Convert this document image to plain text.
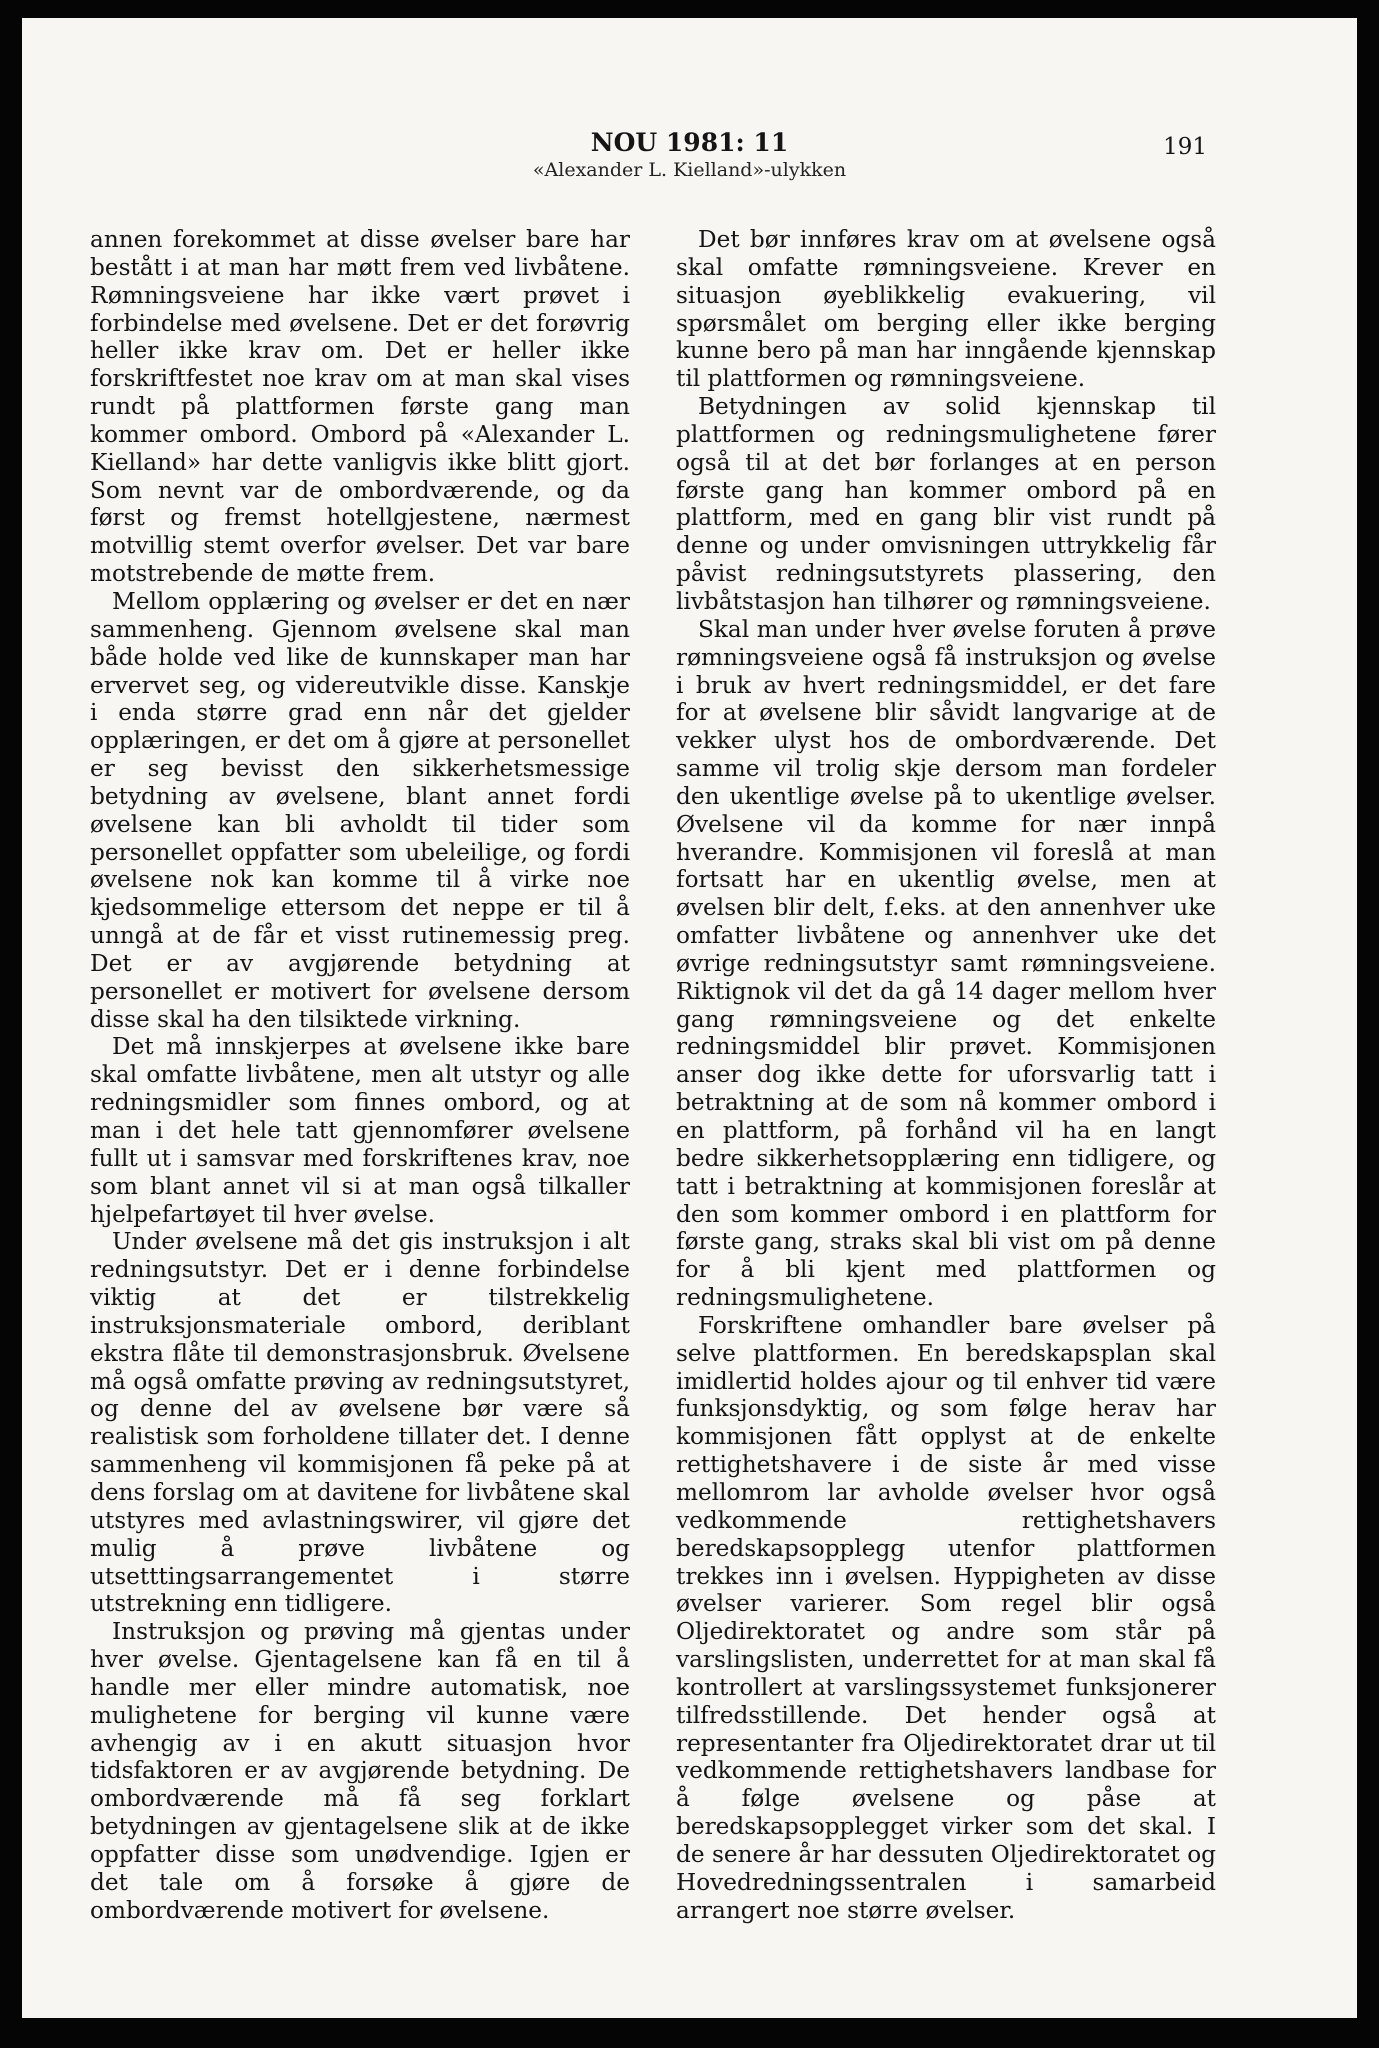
NOU 1981: 11
«Alexander L. Kielland»-ulykken
191

annen forekommet at disse øvelser bare har bestått i at man har møtt frem ved livbåtene. Rømningsveiene har ikke vært prøvet i forbindelse med øvelsene. Det er det forøvrig heller ikke krav om. Det er heller ikke forskriftfestet noe krav om at man skal vises rundt på plattformen første gang man kommer ombord. Ombord på «Alexander L. Kielland» har dette vanligvis ikke blitt gjort. Som nevnt var de ombordværende, og da først og fremst hotellgjestene, nærmest motvillig stemt overfor øvelser. Det var bare motstrebende de møtte frem.

Mellom opplæring og øvelser er det en nær sammenheng. Gjennom øvelsene skal man både holde ved like de kunnskaper man har ervervet seg, og videreutvikle disse. Kanskje i enda større grad enn når det gjelder opplæringen, er det om å gjøre at personellet er seg bevisst den sikkerhetsmessige betydning av øvelsene, blant annet fordi øvelsene kan bli avholdt til tider som personellet oppfatter som ubeleilige, og fordi øvelsene nok kan komme til å virke noe kjedsommelige ettersom det neppe er til å unngå at de får et visst rutinemessig preg. Det er av avgjørende betydning at personellet er motivert for øvelsene dersom disse skal ha den tilsiktede virkning.

Det må innskjerpes at øvelsene ikke bare skal omfatte livbåtene, men alt utstyr og alle redningsmidler som finnes ombord, og at man i det hele tatt gjennomfører øvelsene fullt ut i samsvar med forskriftenes krav, noe som blant annet vil si at man også tilkaller hjelpefartøyet til hver øvelse.

Under øvelsene må det gis instruksjon i alt redningsutstyr. Det er i denne forbindelse viktig at det er tilstrekkelig instruksjonsmateriale ombord, deriblant ekstra flåte til demonstrasjonsbruk. Øvelsene må også omfatte prøving av redningsutstyret, og denne del av øvelsene bør være så realistisk som forholdene tillater det. I denne sammenheng vil kommisjonen få peke på at dens forslag om at davitene for livbåtene skal utstyres med avlastningswirer, vil gjøre det mulig å prøve livbåtene og utsetttingsarrangementet i større utstrekning enn tidligere.

Instruksjon og prøving må gjentas under hver øvelse. Gjentagelsene kan få en til å handle mer eller mindre automatisk, noe mulighetene for berging vil kunne være avhengig av i en akutt situasjon hvor tidsfaktoren er av avgjørende betydning. De ombordværende må få seg forklart betydningen av gjentagelsene slik at de ikke oppfatter disse som unødvendige. Igjen er det tale om å forsøke å gjøre de ombordværende motivert for øvelsene.

Det bør innføres krav om at øvelsene også skal omfatte rømningsveiene. Krever en situasjon øyeblikkelig evakuering, vil spørsmålet om berging eller ikke berging kunne bero på man har inngående kjennskap til plattformen og rømningsveiene.

Betydningen av solid kjennskap til plattformen og redningsmulighetene fører også til at det bør forlanges at en person første gang han kommer ombord på en plattform, med en gang blir vist rundt på denne og under omvisningen uttrykkelig får påvist redningsutstyrets plassering, den livbåtstasjon han tilhører og rømningsveiene.

Skal man under hver øvelse foruten å prøve rømningsveiene også få instruksjon og øvelse i bruk av hvert redningsmiddel, er det fare for at øvelsene blir såvidt langvarige at de vekker ulyst hos de ombordværende. Det samme vil trolig skje dersom man fordeler den ukentlige øvelse på to ukentlige øvelser. Øvelsene vil da komme for nær innpå hverandre. Kommisjonen vil foreslå at man fortsatt har en ukentlig øvelse, men at øvelsen blir delt, f.eks. at den annenhver uke omfatter livbåtene og annenhver uke det øvrige redningsutstyr samt rømningsveiene. Riktignok vil det da gå 14 dager mellom hver gang rømningsveiene og det enkelte redningsmiddel blir prøvet. Kommisjonen anser dog ikke dette for uforsvarlig tatt i betraktning at de som nå kommer ombord i en plattform, på forhånd vil ha en langt bedre sikkerhetsopplæring enn tidligere, og tatt i betraktning at kommisjonen foreslår at den som kommer ombord i en plattform for første gang, straks skal bli vist om på denne for å bli kjent med plattformen og redningsmulighetene.

Forskriftene omhandler bare øvelser på selve plattformen. En beredskapsplan skal imidlertid holdes ajour og til enhver tid være funksjonsdyktig, og som følge herav har kommisjonen fått opplyst at de enkelte rettighetshavere i de siste år med visse mellomrom lar avholde øvelser hvor også vedkommende rettighetshavers beredskapsopplegg utenfor plattformen trekkes inn i øvelsen. Hyppigheten av disse øvelser varierer. Som regel blir også Oljedirektoratet og andre som står på varslingslisten, underrettet for at man skal få kontrollert at varslingssystemet funksjonerer tilfredsstillende. Det hender også at representanter fra Oljedirektoratet drar ut til vedkommende rettighetshavers landbase for å følge øvelsene og påse at beredskapsopplegget virker som det skal. I de senere år har dessuten Oljedirektoratet og Hovedredningssentralen i samarbeid arrangert noe større øvelser.
